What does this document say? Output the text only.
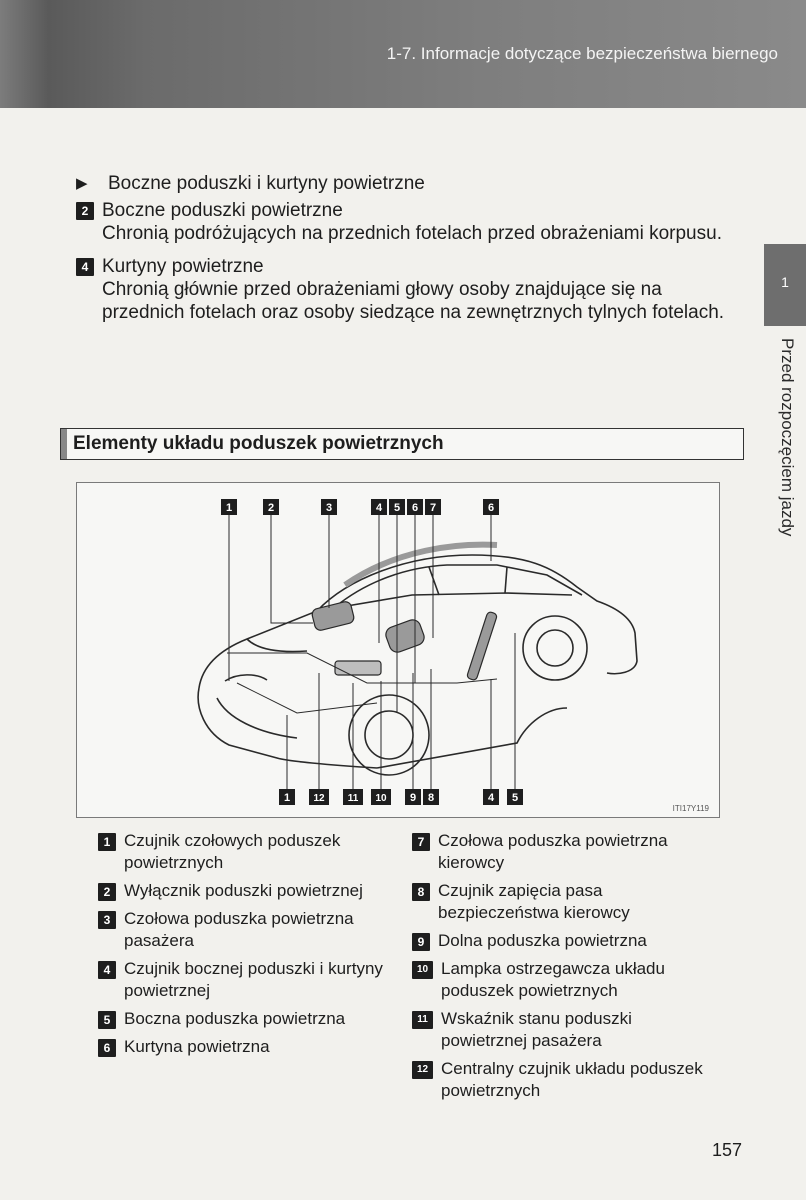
1-7. Informacje dotyczące bezpieczeństwa biernego
1
Przed rozpoczęciem jazdy
▶	Boczne poduszki i kurtyny powietrzne
2 Boczne poduszki powietrzne
Chronią podróżujących na przednich fotelach przed obrażeniami korpusu.
4 Kurtyny powietrzne
Chronią głównie przed obrażeniami głowy osoby znajdujące się na przednich fotelach oraz osoby siedzące na zewnętrznych tylnych fotelach.
Elementy układu poduszek powietrznych
1	2	3	4 5 6 7	6
1 12 11 10 9 8	4 5
ITI17Y119
1 Czujnik czołowych poduszek powietrznych
2 Wyłącznik poduszki powietrznej
3 Czołowa poduszka powietrzna pasażera
4 Czujnik bocznej poduszki i kurtyny powietrznej
5 Boczna poduszka powietrzna
6 Kurtyna powietrzna
7 Czołowa poduszka powietrzna kierowcy
8 Czujnik zapięcia pasa bezpieczeństwa kierowcy
9 Dolna poduszka powietrzna
10 Lampka ostrzegawcza układu poduszek powietrznych
11 Wskaźnik stanu poduszki powietrznej pasażera
12 Centralny czujnik układu poduszek powietrznych
157
